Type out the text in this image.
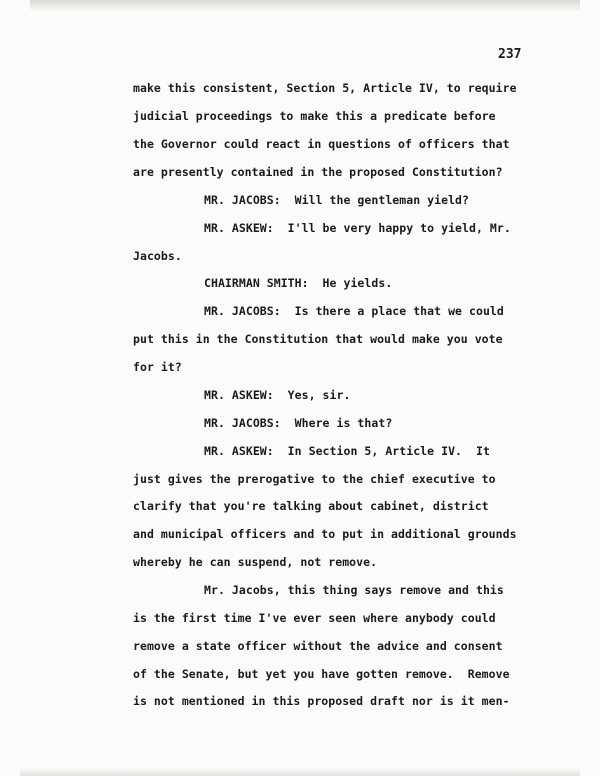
237
make this consistent, Section 5, Article IV, to require
judicial proceedings to make this a predicate before
the Governor could react in questions of officers that
are presently contained in the proposed Constitution?
MR. JACOBS:  Will the gentleman yield?
MR. ASKEW:  I'll be very happy to yield, Mr.
Jacobs.
CHAIRMAN SMITH:  He yields.
MR. JACOBS:  Is there a place that we could
put this in the Constitution that would make you vote
for it?
MR. ASKEW:  Yes, sir.
MR. JACOBS:  Where is that?
MR. ASKEW:  In Section 5, Article IV.  It
just gives the prerogative to the chief executive to
clarify that you're talking about cabinet, district
and municipal officers and to put in additional grounds
whereby he can suspend, not remove.
Mr. Jacobs, this thing says remove and this
is the first time I've ever seen where anybody could
remove a state officer without the advice and consent
of the Senate, but yet you have gotten remove.  Remove
is not mentioned in this proposed draft nor is it men-
